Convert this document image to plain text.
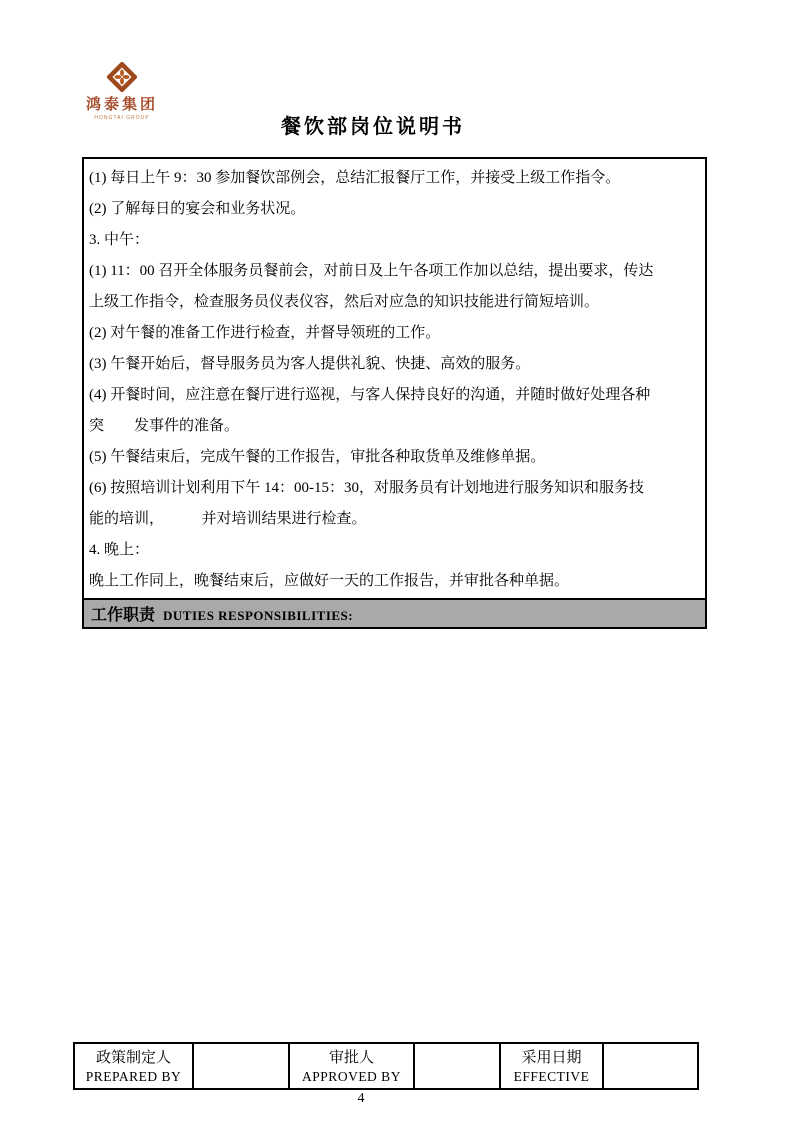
鸿泰集团
HONGTAI GROUP	餐饮部岗位说明书
(1) 每日上午 9：30 参加餐饮部例会，总结汇报餐厅工作，并接受上级工作指令。
(2) 了解每日的宴会和业务状况。
3. 中午：
(1) 11：00 召开全体服务员餐前会，对前日及上午各项工作加以总结，提出要求，传达
上级工作指令，检查服务员仪表仪容，然后对应急的知识技能进行简短培训。
(2) 对午餐的准备工作进行检查，并督导领班的工作。
(3) 午餐开始后，督导服务员为客人提供礼貌、快捷、高效的服务。
(4) 开餐时间，应注意在餐厅进行巡视，与客人保持良好的沟通，并随时做好处理各种
突　　发事件的准备。
(5) 午餐结束后，完成午餐的工作报告，审批各种取货单及维修单据。
(6) 按照培训计划利用下午 14：00-15：30，对服务员有计划地进行服务知识和服务技
能的培训，　　　并对培训结果进行检查。
4. 晚上：
晚上工作同上，晚餐结束后，应做好一天的工作报告，并审批各种单据。
工作职责 DUTIES RESPONSIBILITIES:
政策制定人
PREPARED BY
审批人
APPROVED BY
采用日期
EFFECTIVE
4
